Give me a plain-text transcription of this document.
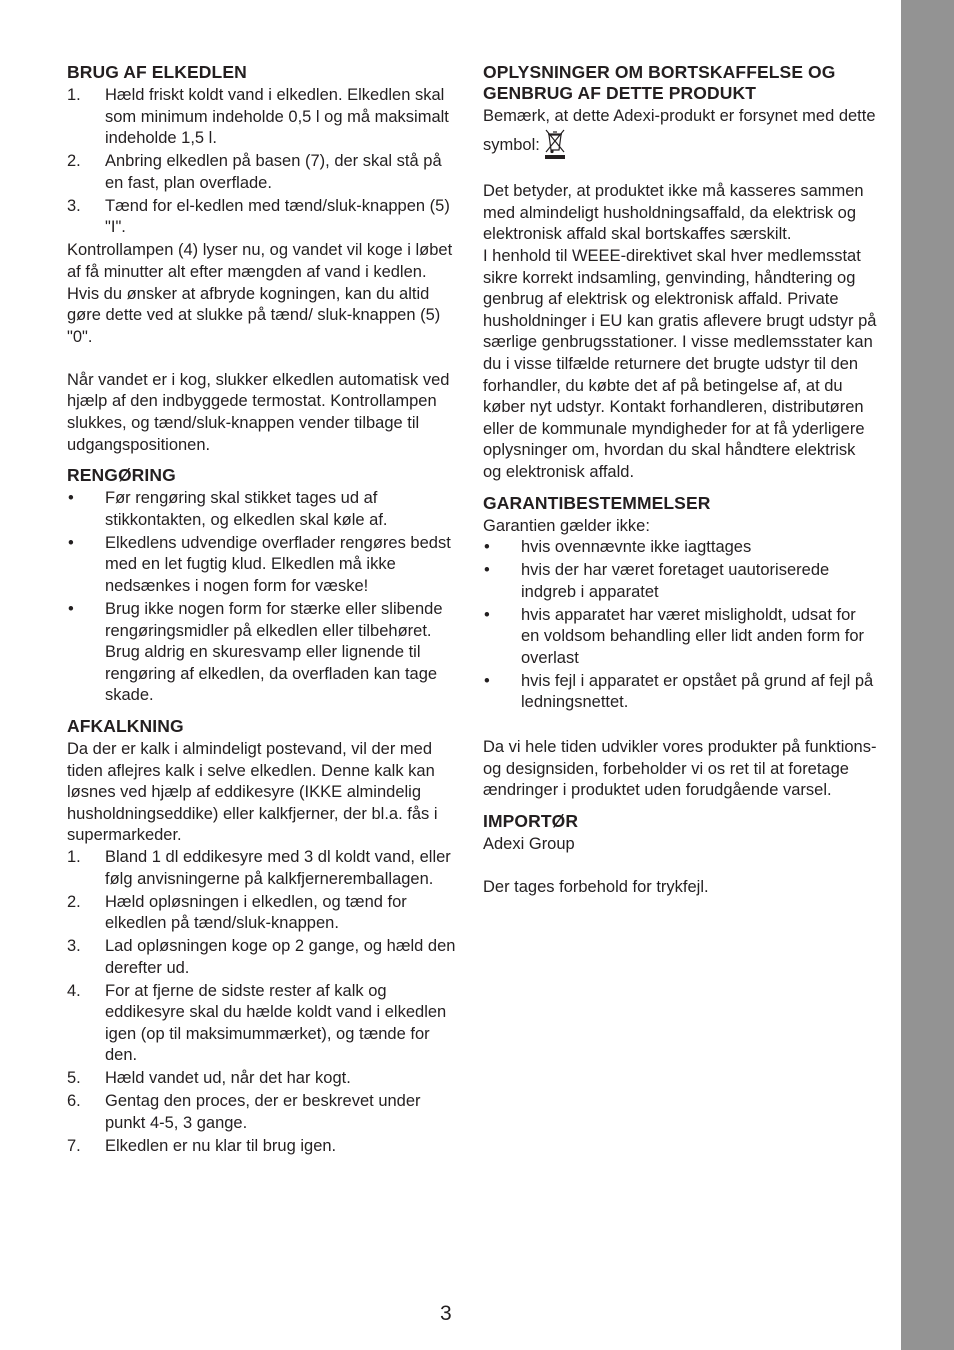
BRUG AF ELKEDLEN
1. Hæld friskt koldt vand i elkedlen. Elkedlen skal som minimum indeholde 0,5 l og må maksimalt indeholde 1,5 l.
2. Anbring elkedlen på basen (7), der skal stå på en fast, plan overflade.
3. Tænd for el-kedlen med tænd/sluk-knappen (5) "I".

Kontrollampen (4) lyser nu, og vandet vil koge i løbet af få minutter alt efter mængden af vand i kedlen. Hvis du ønsker at afbryde kogningen, kan du altid gøre dette ved at slukke på tænd/ sluk-knappen (5) "0".

Når vandet er i kog, slukker elkedlen automatisk ved hjælp af den indbyggede termostat. Kontrollampen slukkes, og tænd/sluk-knappen vender tilbage til udgangspositionen.

RENGØRING
• Før rengøring skal stikket tages ud af stikkontakten, og elkedlen skal køle af.
• Elkedlens udvendige overflader rengøres bedst med en let fugtig klud. Elkedlen må ikke nedsænkes i nogen form for væske!
• Brug ikke nogen form for stærke eller slibende rengøringsmidler på elkedlen eller tilbehøret. Brug aldrig en skuresvamp eller lignende til rengøring af elkedlen, da overfladen kan tage skade.
AFKALKNING

Da der er kalk i almindeligt postevand, vil der med tiden aflejres kalk i selve elkedlen. Denne kalk kan løsnes ved hjælp af eddikesyre (IKKE almindelig husholdningseddike) eller kalkfjerner, der bl.a. fås i supermarkeder.

1. Bland 1 dl eddikesyre med 3 dl koldt vand, eller følg anvisningerne på kalkfjerneremballagen.
2. Hæld opløsningen i elkedlen, og tænd for elkedlen på tænd/sluk-knappen.
3. Lad opløsningen koge op 2 gange, og hæld den derefter ud.
4. For at fjerne de sidste rester af kalk og eddikesyre skal du hælde koldt vand i elkedlen igen (op til maksimummærket), og tænde for den.
5. Hæld vandet ud, når det har kogt.
6. Gentag den proces, der er beskrevet under punkt 4-5, 3 gange.
7. Elkedlen er nu klar til brug igen.
OPLYSNINGER OM BORTSKAFFELSE OG GENBRUG AF DETTE PRODUKT

Bemærk, at dette Adexi-produkt er forsynet med dette symbol:

Det betyder, at produktet ikke må kasseres sammen med almindeligt husholdningsaffald, da elektrisk og elektronisk affald skal bortskaffes særskilt.

I henhold til WEEE-direktivet skal hver medlemsstat sikre korrekt indsamling, genvinding, håndtering og genbrug af elektrisk og elektronisk affald. Private husholdninger i EU kan gratis aflevere brugt udstyr på særlige genbrugsstationer. I visse medlemsstater kan du i visse tilfælde returnere det brugte udstyr til den forhandler, du købte det af på betingelse af, at du køber nyt udstyr. Kontakt forhandleren, distributøren eller de kommunale myndigheder for at få yderligere oplysninger om, hvordan du skal håndtere elektrisk og elektronisk affald.

GARANTIBESTEMMELSER

Garantien gælder ikke:

• hvis ovennævnte ikke iagttages
• hvis der har været foretaget uautoriserede indgreb i apparatet
• hvis apparatet har været misligholdt, udsat for en voldsom behandling eller lidt anden form for overlast
• hvis fejl i apparatet er opstået på grund af fejl på ledningsnettet.

Da vi hele tiden udvikler vores produkter på funktions- og designsiden, forbeholder vi os ret til at foretage ændringer i produktet uden forudgående varsel.

IMPORTØR

Adexi Group

Der tages forbehold for trykfejl.

3
